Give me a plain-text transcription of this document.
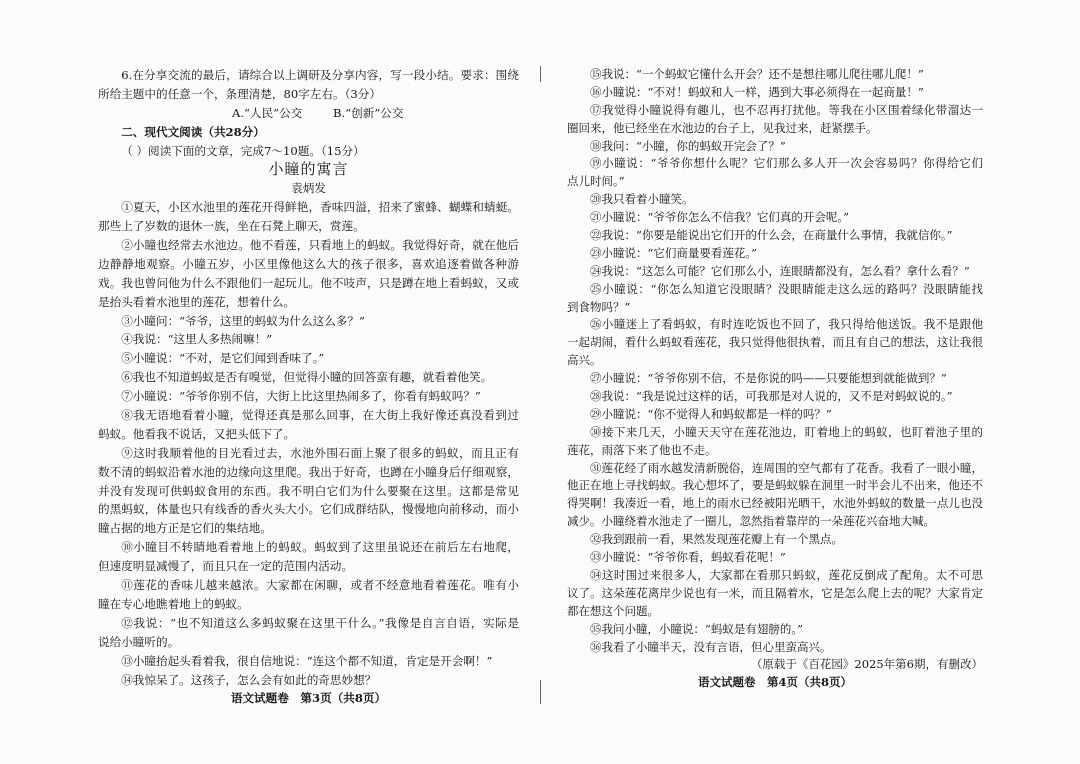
6.在分享交流的最后，请综合以上调研及分享内容，写一段小结。要求：围绕
所给主题中的任意一个，条理清楚，80字左右。（3分）
A.“人民”公交	B.“创新”公交
二、现代文阅读（共28分）
（ ）阅读下面的文章，完成7～10题。（15分）
小瞳的寓言
袁炳发
①夏天，小区水池里的莲花开得鲜艳，香味四溢，招来了蜜蜂、蝴蝶和蜻蜓。
那些上了岁数的退休一族，坐在石凳上聊天，赏莲。
②小瞳也经常去水池边。他不看莲，只看地上的蚂蚁。我觉得好奇，就在他后
边静静地观察。小瞳五岁，小区里像他这么大的孩子很多，喜欢追逐着做各种游
戏。我也曾问他为什么不跟他们一起玩儿。他不吱声，只是蹲在地上看蚂蚁，又或
是抬头看着水池里的莲花，想着什么。
③小瞳问：“爷爷，这里的蚂蚁为什么这么多？”
④我说：“这里人多热闹嘛！”
⑤小瞳说：“不对，是它们闻到香味了。”
⑥我也不知道蚂蚁是否有嗅觉，但觉得小瞳的回答蛮有趣，就看着他笑。
⑦小瞳说：“爷爷你别不信，大街上比这里热闹多了，你看有蚂蚁吗？”
⑧我无语地看着小瞳，觉得还真是那么回事，在大街上我好像还真没看到过
蚂蚁。他看我不说话，又把头低下了。
⑨这时我顺着他的目光看过去，水池外围石面上聚了很多的蚂蚁，而且正有
数不清的蚂蚁沿着水池的边缘向这里爬。我出于好奇，也蹲在小瞳身后仔细观察，
并没有发现可供蚂蚁食用的东西。我不明白它们为什么要聚在这里。这都是常见
的黑蚂蚁，体量也只有线香的香火头大小。它们成群结队，慢慢地向前移动，而小
瞳占据的地方正是它们的集结地。
⑩小瞳目不转睛地看着地上的蚂蚁。蚂蚁到了这里虽说还在前后左右地爬，
但速度明显减慢了，而且只在一定的范围内活动。
⑪莲花的香味儿越来越浓。大家都在闲聊，或者不经意地看着莲花。唯有小
瞳在专心地瞧着地上的蚂蚁。
⑫我说：“也不知道这么多蚂蚁聚在这里干什么。”我像是自言自语，实际是
说给小瞳听的。
⑬小瞳抬起头看着我，很自信地说：“连这个都不知道，肯定是开会啊！”
⑭我惊呆了。这孩子，怎么会有如此的奇思妙想？
语文试题卷　第3页（共8页）
⑮我说：“一个蚂蚁它懂什么开会？还不是想往哪儿爬往哪儿爬！”
⑯小瞳说：“不对！蚂蚁和人一样，遇到大事必须得在一起商量！”
⑰我觉得小瞳说得有趣儿，也不忍再打扰他。等我在小区围着绿化带溜达一
圈回来，他已经坐在水池边的台子上，见我过来，赶紧摆手。
⑱我问：“小瞳，你的蚂蚁开完会了？”
⑲小瞳说：“爷爷你想什么呢？它们那么多人开一次会容易吗？你得给它们
点儿时间。”
⑳我只看着小瞳笑。
㉑小瞳说：“爷爷你怎么不信我？它们真的开会呢。”
㉒我说：“你要是能说出它们开的什么会，在商量什么事情，我就信你。”
㉓小瞳说：“它们商量要看莲花。”
㉔我说：“这怎么可能？它们那么小，连眼睛都没有，怎么看？拿什么看？”
㉕小瞳说：“你怎么知道它没眼睛？没眼睛能走这么远的路吗？没眼睛能找
到食物吗？”
㉖小瞳迷上了看蚂蚁，有时连吃饭也不回了，我只得给他送饭。我不是跟他
一起胡闹，看什么蚂蚁看莲花，我只觉得他很执着，而且有自己的想法，这让我很
高兴。
㉗小瞳说：“爷爷你别不信，不是你说的吗——只要能想到就能做到？”
㉘我说：“我是说过这样的话，可我那是对人说的，又不是对蚂蚁说的。”
㉙小瞳说：“你不觉得人和蚂蚁都是一样的吗？”
㉚接下来几天，小瞳天天守在莲花池边，盯着地上的蚂蚁，也盯着池子里的
莲花，雨落下来了他也不走。
㉛莲花经了雨水越发清新脱俗，连周围的空气都有了花香。我看了一眼小瞳，
他正在地上寻找蚂蚁。我心想坏了，要是蚂蚁躲在洞里一时半会儿不出来，他还不
得哭啊！我凑近一看，地上的雨水已经被阳光晒干，水池外蚂蚁的数量一点儿也没
减少。小瞳绕着水池走了一圈儿，忽然指着靠岸的一朵莲花兴奋地大喊。
㉜我到跟前一看，果然发现莲花瓣上有一个黑点。
㉝小瞳说：“爷爷你看，蚂蚁看花呢！”
㉞这时围过来很多人，大家都在看那只蚂蚁，莲花反倒成了配角。太不可思
议了。这朵莲花离岸少说也有一米，而且隔着水，它是怎么爬上去的呢？大家肯定
都在想这个问题。
㉟我问小瞳，小瞳说：“蚂蚁是有翅膀的。”
㊱我看了小瞳半天，没有言语，但心里蛮高兴。
（原载于《百花园》2025年第6期，有删改）
语文试题卷　第4页（共8页）
